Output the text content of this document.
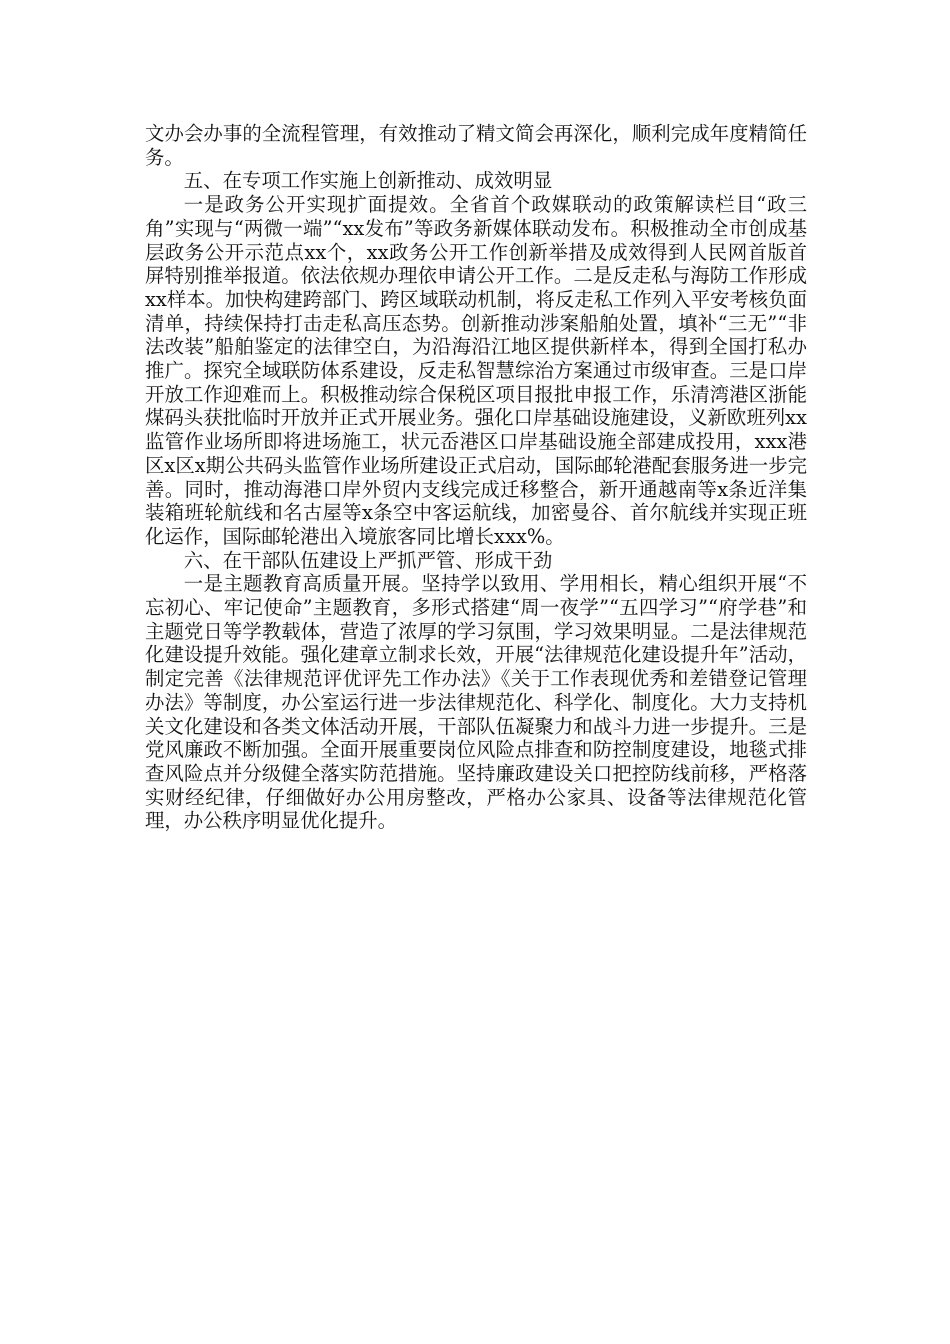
文办会办事的全流程管理，有效推动了精文简会再深化，顺利完成年度精简任务。

五、在专项工作实施上创新推动、成效明显

一是政务公开实现扩面提效。全省首个政媒联动的政策解读栏目“政三角”实现与“两微一端”“xx发布”等政务新媒体联动发布。积极推动全市创成基层政务公开示范点xx个，xx政务公开工作创新举措及成效得到人民网首版首屏特别推举报道。依法依规办理依申请公开工作。二是反走私与海防工作形成xx样本。加快构建跨部门、跨区域联动机制，将反走私工作列入平安考核负面清单，持续保持打击走私高压态势。创新推动涉案船舶处置，填补“三无”“非法改装”船舶鉴定的法律空白，为沿海沿江地区提供新样本，得到全国打私办推广。探究全域联防体系建设，反走私智慧综治方案通过市级审查。三是口岸开放工作迎难而上。积极推动综合保税区项目报批申报工作，乐清湾港区浙能煤码头获批临时开放并正式开展业务。强化口岸基础设施建设，义新欧班列xx监管作业场所即将进场施工，状元岙港区口岸基础设施全部建成投用，xxx港区x区x期公共码头监管作业场所建设正式启动，国际邮轮港配套服务进一步完善。同时，推动海港口岸外贸内支线完成迁移整合，新开通越南等x条近洋集装箱班轮航线和名古屋等x条空中客运航线，加密曼谷、首尔航线并实现正班化运作，国际邮轮港出入境旅客同比增长xxx%。

六、在干部队伍建设上严抓严管、形成干劲

一是主题教育高质量开展。坚持学以致用、学用相长，精心组织开展“不忘初心、牢记使命”主题教育，多形式搭建“周一夜学”“五四学习”“府学巷”和主题党日等学教载体，营造了浓厚的学习氛围，学习效果明显。二是法律规范化建设提升效能。强化建章立制求长效，开展“法律规范化建设提升年”活动，制定完善《法律规范评优评先工作办法》《关于工作表现优秀和差错登记管理办法》等制度，办公室运行进一步法律规范化、科学化、制度化。大力支持机关文化建设和各类文体活动开展，干部队伍凝聚力和战斗力进一步提升。三是党风廉政不断加强。全面开展重要岗位风险点排查和防控制度建设，地毯式排查风险点并分级健全落实防范措施。坚持廉政建设关口把控防线前移，严格落实财经纪律，仔细做好办公用房整改，严格办公家具、设备等法律规范化管理，办公秩序明显优化提升。
